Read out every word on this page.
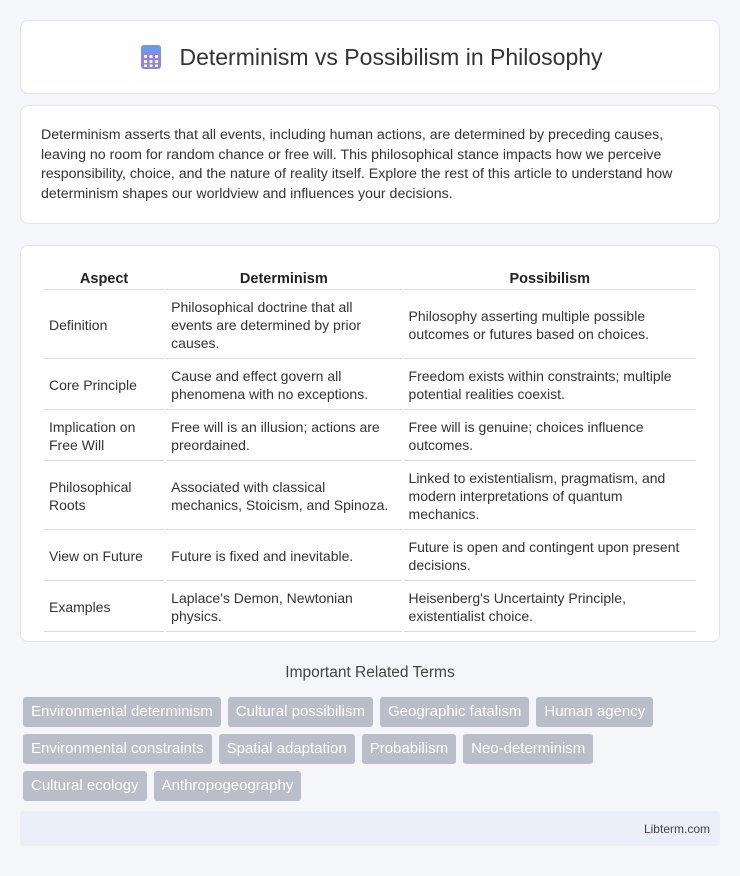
Determinism vs Possibilism in Philosophy

Determinism asserts that all events, including human actions, are determined by preceding causes, leaving no room for random chance or free will. This philosophical stance impacts how we perceive responsibility, choice, and the nature of reality itself. Explore the rest of this article to understand how determinism shapes our worldview and influences your decisions.

Aspect	Determinism	Possibilism
Definition	Philosophical doctrine that all events are determined by prior causes.	Philosophy asserting multiple possible outcomes or futures based on choices.
Core Principle	Cause and effect govern all phenomena with no exceptions.	Freedom exists within constraints; multiple potential realities coexist.
Implication on Free Will	Free will is an illusion; actions are preordained.	Free will is genuine; choices influence outcomes.
Philosophical Roots	Associated with classical mechanics, Stoicism, and Spinoza.	Linked to existentialism, pragmatism, and modern interpretations of quantum mechanics.
View on Future	Future is fixed and inevitable.	Future is open and contingent upon present decisions.
Examples	Laplace's Demon, Newtonian physics.	Heisenberg's Uncertainty Principle, existentialist choice.
Important Related Terms
Environmental determinism	Cultural possibilism	Geographic fatalism	Human agency
Environmental constraints	Spatial adaptation	Probabilism	Neo-determinism
Cultural ecology	Anthropogeography
Libterm.com
